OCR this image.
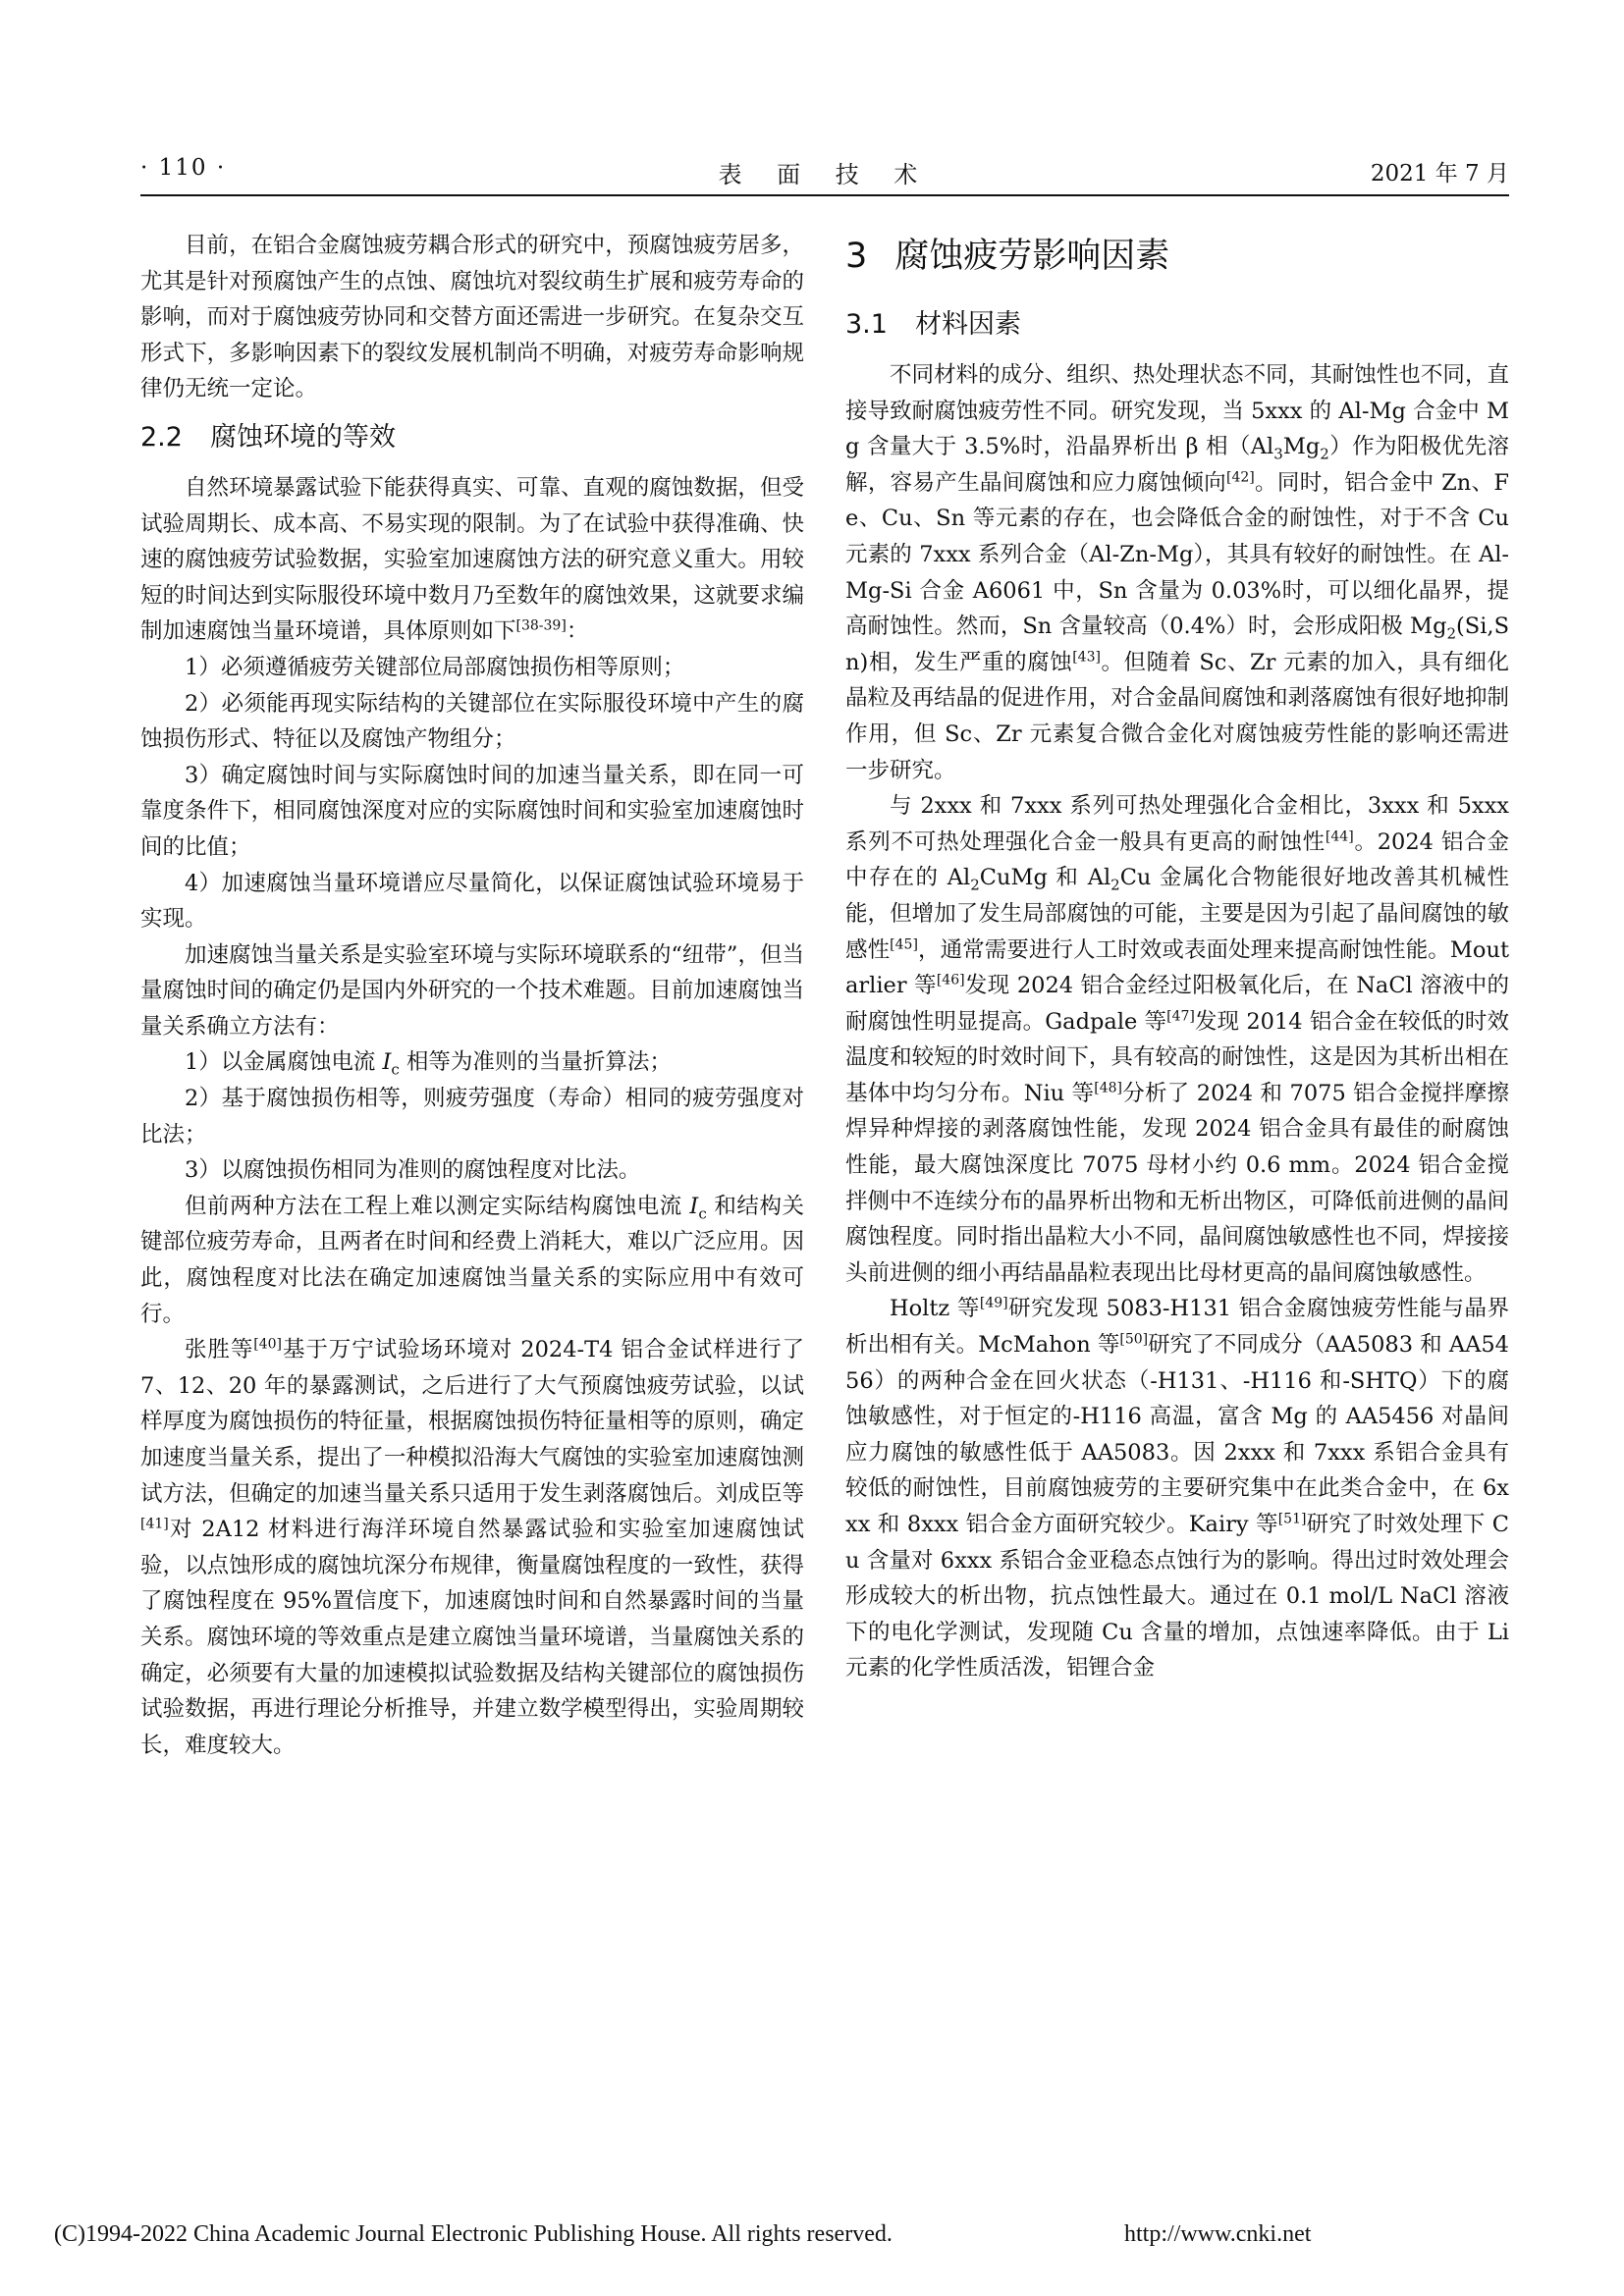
· 110 ·	表 面 技 术	2021 年 7 月

目前，在铝合金腐蚀疲劳耦合形式的研究中，预腐蚀疲劳居多，尤其是针对预腐蚀产生的点蚀、腐蚀坑对裂纹萌生扩展和疲劳寿命的影响，而对于腐蚀疲劳协同和交替方面还需进一步研究。在复杂交互形式下，多影响因素下的裂纹发展机制尚不明确，对疲劳寿命影响规律仍无统一定论。

2.2 腐蚀环境的等效

自然环境暴露试验下能获得真实、可靠、直观的腐蚀数据，但受试验周期长、成本高、不易实现的限制。为了在试验中获得准确、快速的腐蚀疲劳试验数据，实验室加速腐蚀方法的研究意义重大。用较短的时间达到实际服役环境中数月乃至数年的腐蚀效果，这就要求编制加速腐蚀当量环境谱，具体原则如下[38-39]：

1）必须遵循疲劳关键部位局部腐蚀损伤相等原则；

2）必须能再现实际结构的关键部位在实际服役环境中产生的腐蚀损伤形式、特征以及腐蚀产物组分；

3）确定腐蚀时间与实际腐蚀时间的加速当量关系，即在同一可靠度条件下，相同腐蚀深度对应的实际腐蚀时间和实验室加速腐蚀时间的比值；

4）加速腐蚀当量环境谱应尽量简化，以保证腐蚀试验环境易于实现。

加速腐蚀当量关系是实验室环境与实际环境联系的“纽带”，但当量腐蚀时间的确定仍是国内外研究的一个技术难题。目前加速腐蚀当量关系确立方法有：

1）以金属腐蚀电流 $I_c$ 相等为准则的当量折算法；

2）基于腐蚀损伤相等，则疲劳强度（寿命）相同的疲劳强度对比法；

3）以腐蚀损伤相同为准则的腐蚀程度对比法。

但前两种方法在工程上难以测定实际结构腐蚀电流 $I_c$ 和结构关键部位疲劳寿命，且两者在时间和经费上消耗大，难以广泛应用。因此，腐蚀程度对比法在确定加速腐蚀当量关系的实际应用中有效可行。

张胜等[40]基于万宁试验场环境对 2024-T4 铝合金试样进行了 7、12、20 年的暴露测试，之后进行了大气预腐蚀疲劳试验，以试样厚度为腐蚀损伤的特征量，根据腐蚀损伤特征量相等的原则，确定加速度当量关系，提出了一种模拟沿海大气腐蚀的实验室加速腐蚀测试方法，但确定的加速当量关系只适用于发生剥落腐蚀后。刘成臣等[41]对 2A12 材料进行海洋环境自然暴露试验和实验室加速腐蚀试验，以点蚀形成的腐蚀坑深分布规律，衡量腐蚀程度的一致性，获得了腐蚀程度在 95%置信度下，加速腐蚀时间和自然暴露时间的当量关系。腐蚀环境的等效重点是建立腐蚀当量环境谱，当量腐蚀关系的确定，必须要有大量的加速模拟试验数据及结构关键部位的腐蚀损伤试验数据，再进行理论分析推导，并建立数学模型得出，实验周期较长，难度较大。

3 腐蚀疲劳影响因素
3.1 材料因素

不同材料的成分、组织、热处理状态不同，其耐蚀性也不同，直接导致耐腐蚀疲劳性不同。研究发现，当 5xxx 的 Al-Mg 合金中 Mg 含量大于 3.5%时，沿晶界析出 β 相$(Al_3Mg_2)$作为阳极优先溶解，容易产生晶间腐蚀和应力腐蚀倾向[42]。同时，铝合金中 Zn、Fe、Cu、Sn 等元素的存在，也会降低合金的耐蚀性，对于不含 Cu 元素的 7xxx 系列合金（Al-Zn-Mg），其具有较好的耐蚀性。在 Al-Mg-Si 合金 A6061 中，Sn 含量为 0.03%时，可以细化晶界，提高耐蚀性。然而，Sn 含量较高（0.4%）时，会形成阳极 $Mg_2(Si,Sn)$相，发生严重的腐蚀[43]。但随着 Sc、Zr 元素的加入，具有细化晶粒及再结晶的促进作用，对合金晶间腐蚀和剥落腐蚀有很好地抑制作用，但 Sc、Zr 元素复合微合金化对腐蚀疲劳性能的影响还需进一步研究。

与 2xxx 和 7xxx 系列可热处理强化合金相比，3xxx 和 5xxx 系列不可热处理强化合金一般具有更高的耐蚀性[44]。2024 铝合金中存在的 $Al_2CuMg$ 和 $Al_2Cu$ 金属化合物能很好地改善其机械性能，但增加了发生局部腐蚀的可能，主要是因为引起了晶间腐蚀的敏感性[45]，通常需要进行人工时效或表面处理来提高耐蚀性能。Moutarlier 等[46]发现 2024 铝合金经过阳极氧化后，在 NaCl 溶液中的耐腐蚀性明显提高。Gadpale 等[47]发现 2014 铝合金在较低的时效温度和较短的时效时间下，具有较高的耐蚀性，这是因为其析出相在基体中均匀分布。Niu 等[48]分析了 2024 和 7075 铝合金搅拌摩擦焊异种焊接的剥落腐蚀性能，发现 2024 铝合金具有最佳的耐腐蚀性能，最大腐蚀深度比 7075 母材小约 0.6 mm。2024 铝合金搅拌侧中不连续分布的晶界析出物和无析出物区，可降低前进侧的晶间腐蚀程度。同时指出晶粒大小不同，晶间腐蚀敏感性也不同，焊接接头前进侧的细小再结晶晶粒表现出比母材更高的晶间腐蚀敏感性。

Holtz 等[49]研究发现 5083-H131 铝合金腐蚀疲劳性能与晶界析出相有关。McMahon 等[50]研究了不同成分（AA5083 和 AA5456）的两种合金在回火状态（-H131、-H116 和-SHTQ）下的腐蚀敏感性，对于恒定的-H116 高温，富含 Mg 的 AA5456 对晶间应力腐蚀的敏感性低于 AA5083。因 2xxx 和 7xxx 系铝合金具有较低的耐蚀性，目前腐蚀疲劳的主要研究集中在此类合金中，在 6xxx 和 8xxx 铝合金方面研究较少。Kairy 等[51]研究了时效处理下 Cu 含量对 6xxx 系铝合金亚稳态点蚀行为的影响。得出过时效处理会形成较大的析出物，抗点蚀性最大。通过在 0.1 mol/L NaCl 溶液下的电化学测试，发现随 Cu 含量的增加，点蚀速率降低。由于 Li 元素的化学性质活泼，铝锂合金

(C)1994-2022 China Academic Journal Electronic Publishing House. All rights reserved.	http://www.cnki.net
